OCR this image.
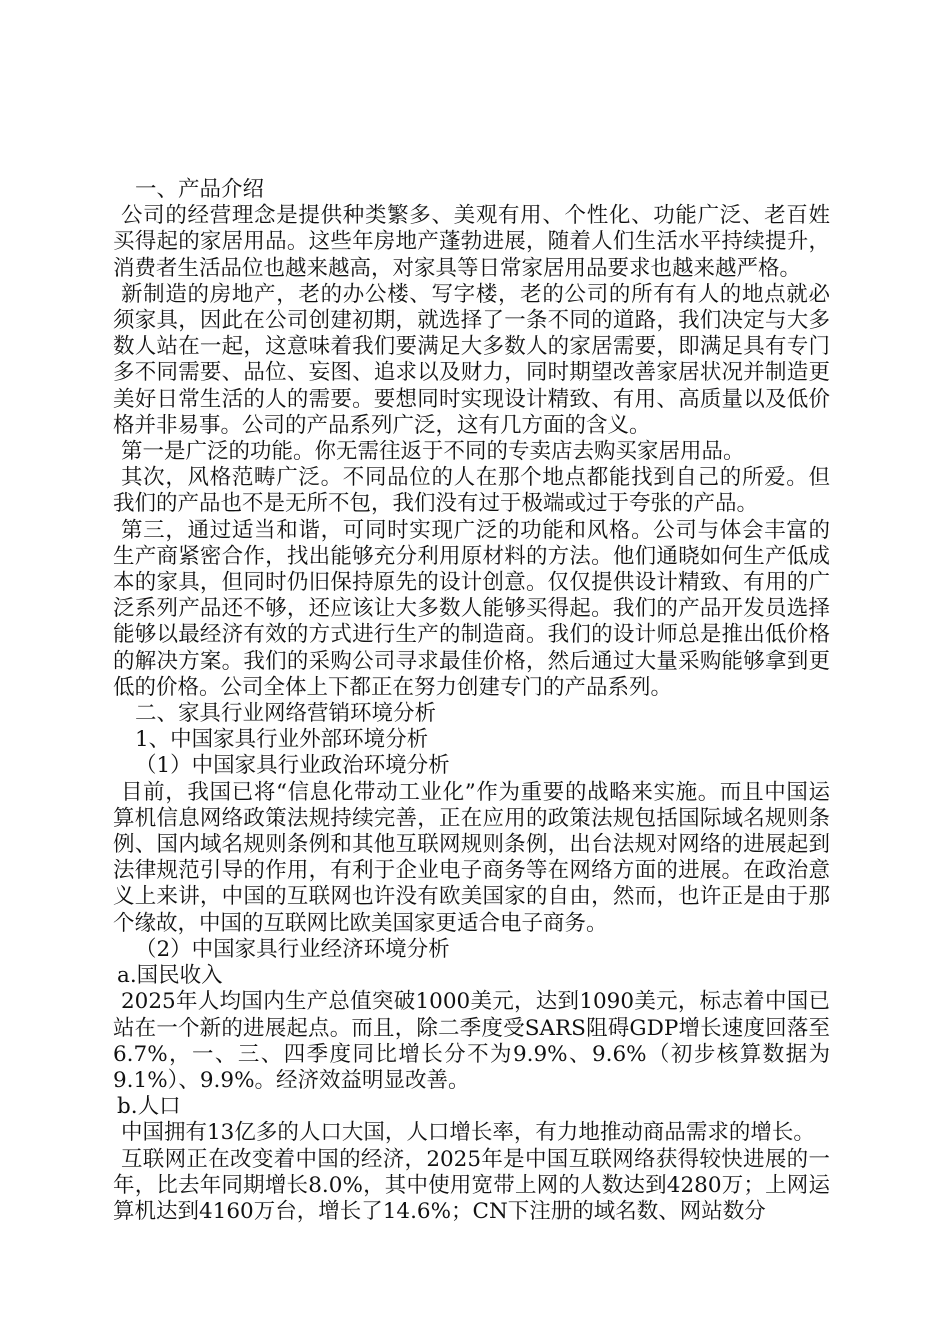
一、产品介绍

公司的经营理念是提供种类繁多、美观有用、个性化、功能广泛、老百姓买得起的家居用品。这些年房地产蓬勃进展，随着人们生活水平持续提升，消费者生活品位也越来越高，对家具等日常家居用品要求也越来越严格。

新制造的房地产，老的办公楼、写字楼，老的公司的所有有人的地点就必须家具，因此在公司创建初期，就选择了一条不同的道路，我们决定与大多数人站在一起，这意味着我们要满足大多数人的家居需要，即满足具有专门多不同需要、品位、妄图、追求以及财力，同时期望改善家居状况并制造更美好日常生活的人的需要。要想同时实现设计精致、有用、高质量以及低价格并非易事。公司的产品系列广泛，这有几方面的含义。

第一是广泛的功能。你无需往返于不同的专卖店去购买家居用品。

其次，风格范畴广泛。不同品位的人在那个地点都能找到自己的所爱。但我们的产品也不是无所不包，我们没有过于极端或过于夸张的产品。

第三，通过适当和谐，可同时实现广泛的功能和风格。公司与体会丰富的生产商紧密合作，找出能够充分利用原材料的方法。他们通晓如何生产低成本的家具，但同时仍旧保持原先的设计创意。仅仅提供设计精致、有用的广泛系列产品还不够，还应该让大多数人能够买得起。我们的产品开发员选择能够以最经济有效的方式进行生产的制造商。我们的设计师总是推出低价格的解决方案。我们的采购公司寻求最佳价格，然后通过大量采购能够拿到更低的价格。公司全体上下都正在努力创建专门的产品系列。

二、家具行业网络营销环境分析

1、中国家具行业外部环境分析

（1）中国家具行业政治环境分析

目前，我国已将“信息化带动工业化”作为重要的战略来实施。而且中国运算机信息网络政策法规持续完善，正在应用的政策法规包括国际域名规则条例、国内域名规则条例和其他互联网规则条例，出台法规对网络的进展起到法律规范引导的作用，有利于企业电子商务等在网络方面的进展。在政治意义上来讲，中国的互联网也许没有欧美国家的自由，然而，也许正是由于那个缘故，中国的互联网比欧美国家更适合电子商务。

（2）中国家具行业经济环境分析

a.国民收入

2025年人均国内生产总值突破1000美元，达到1090美元，标志着中国已站在一个新的进展起点。而且，除二季度受SARS阻碍GDP增长速度回落至6.7%，一、三、四季度同比增长分不为9.9%、9.6%（初步核算数据为9.1%）、9.9%。经济效益明显改善。

b.人口

中国拥有13亿多的人口大国，人口增长率，有力地推动商品需求的增长。

互联网正在改变着中国的经济，2025年是中国互联网络获得较快进展的一年，比去年同期增长8.0%，其中使用宽带上网的人数达到4280万；上网运算机达到4160万台，增长了14.6%；CN下注册的域名数、网站数分
